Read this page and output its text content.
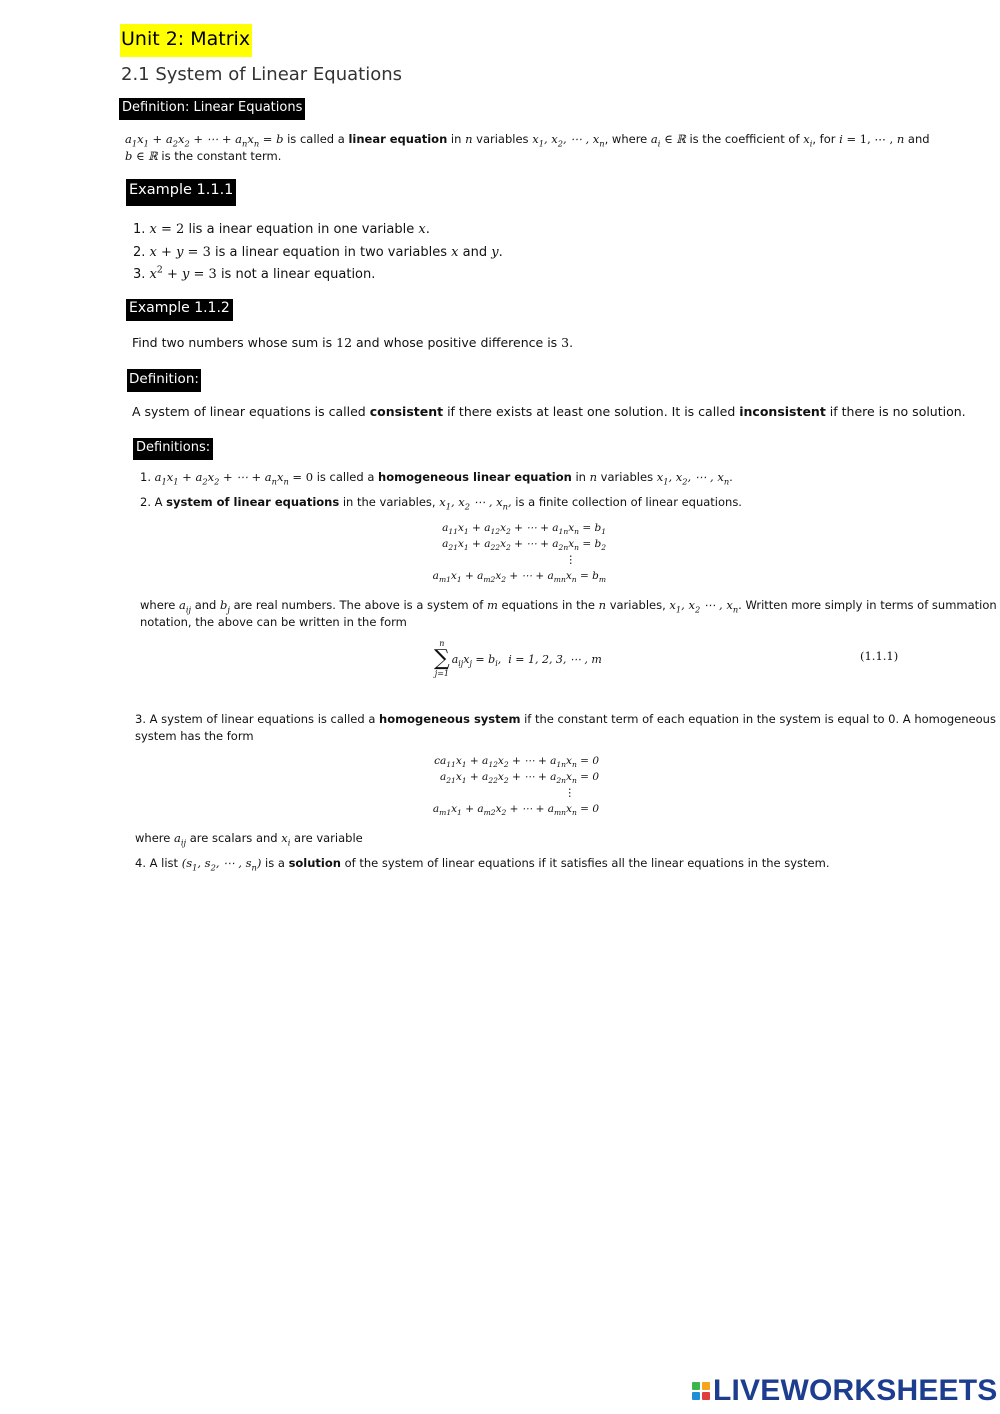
Unit 2: Matrix
2.1 System of Linear Equations
Definition: Linear Equations
$a_1x_1 + a_2x_2$ + ⋯ + $a_nx_n = b$ is called a linear equation in n variables $x_1$, $x_2$, ⋯ , $x_n$, where $a_i$ ∈ ℝ is the coefficient of $x_i$, for i = 1, ⋯ , n and
b ∈ ℝ is the constant term.
Example 1.1.1
1. x = 2 lis a inear equation in one variable x.
2. x + y = 3 is a linear equation in two variables x and y.
3. $x^2 + y = 3$ is not a linear equation.
Example 1.1.2
Find two numbers whose sum is 12 and whose positive difference is 3.
Definition:
A system of linear equations is called consistent if there exists at least one solution. It is called inconsistent if there is no solution.
Definitions:
1. $a_1x_1 + a_2x_2$ + ⋯ + $a_nx_n = 0$ is called a homogeneous linear equation in n variables $x_1$, $x_2$, ⋯ , $x_n$.
2. A system of linear equations in the variables, $x_1$, $x_2$ ⋯ , $x_n$, is a finite collection of linear equations.
$a_{11}x_1 + a_{12}x_2$ + ⋯ + $a_{1n}x_n = b_1$
$a_{21}x_1 + a_{22}x_2$ + ⋯ + $a_{2n}x_n = b_2$
⋮
$a_{m1}x_1 + a_{m2}x_2$ + ⋯ + $a_{mn}x_n = b_m$
where $a_{ij}$ and $b_j$ are real numbers. The above is a system of m equations in the n variables, $x_1$, $x_2$ ⋯ , $x_n$. Written more simply in terms of summation
notation, the above can be written in the form
n
∑
j=1
$a_{ij}x_j = b_i$,  i = 1, 2, 3, ⋯ , m	(1.1.1)
3. A system of linear equations is called a homogeneous system if the constant term of each equation in the system is equal to 0. A homogeneous
system has the form
$ca_{11}x_1 + a_{12}x_2$ + ⋯ + $a_{1n}x_n = 0$
$a_{21}x_1 + a_{22}x_2$ + ⋯ + $a_{2n}x_n = 0$
⋮
$a_{m1}x_1 + a_{m2}x_2$ + ⋯ + $a_{mn}x_n = 0$
where $a_{ij}$ are scalars and $x_i$ are variable
4. A list ($s_1$, $s_2$, ⋯ , $s_n$) is a solution of the system of linear equations if it satisfies all the linear equations in the system.
LIVEWORKSHEETS
